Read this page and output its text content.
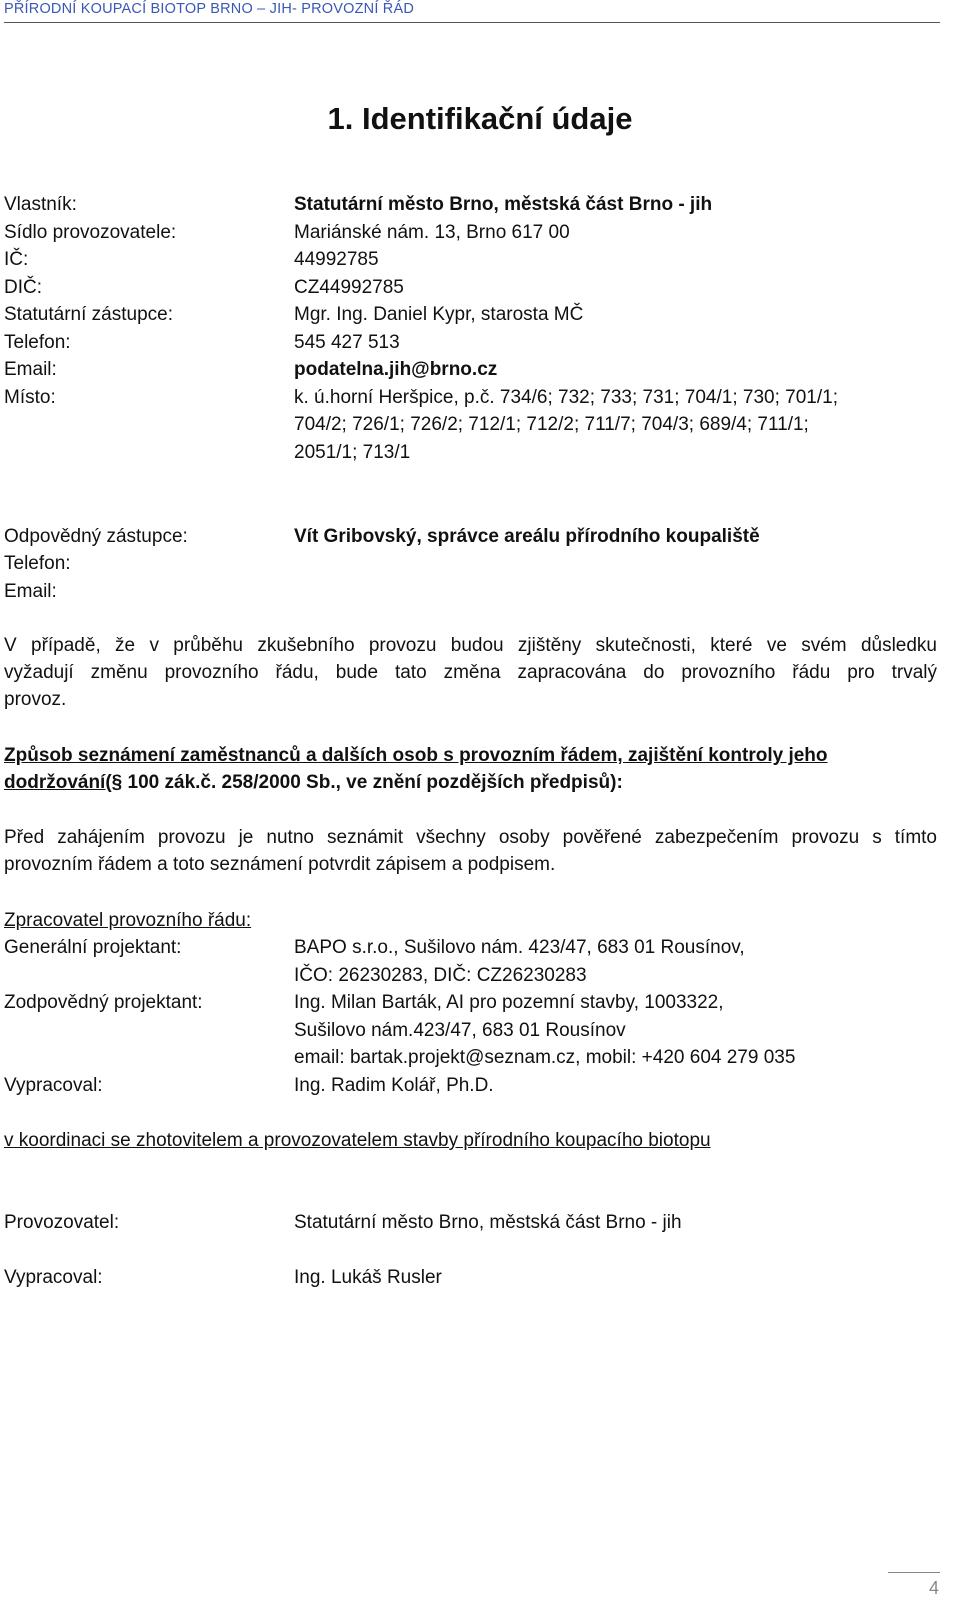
PŘÍRODNÍ KOUPACÍ BIOTOP BRNO – JIH- PROVOZNÍ ŘÁD
1. Identifikační údaje
Vlastník:	Statutární město Brno, městská část Brno - jih
Sídlo provozovatele:	Mariánské nám. 13, Brno 617 00
IČ:	44992785
DIČ:	CZ44992785
Statutární zástupce:	Mgr. Ing. Daniel Kypr, starosta MČ
Telefon:	545 427 513
Email:	podatelna.jih@brno.cz
Místo:	k. ú.horní Heršpice, p.č. 734/6; 732; 733; 731; 704/1; 730; 701/1;
704/2; 726/1; 726/2; 712/1; 712/2; 711/7; 704/3; 689/4; 711/1;
2051/1; 713/1
Odpovědný zástupce:	Vít Gribovský, správce areálu přírodního koupaliště
Telefon:
Email:
V případě, že v průběhu zkušebního provozu budou zjištěny skutečnosti, které ve svém důsledku
vyžadují změnu provozního řádu, bude tato změna zapracována do provozního řádu pro trvalý
provoz.
Způsob seznámení zaměstnanců a dalších osob s provozním řádem, zajištění kontroly jeho
dodržování(§ 100 zák.č. 258/2000 Sb., ve znění pozdějších předpisů):
Před zahájením provozu je nutno seznámit všechny osoby pověřené zabezpečením provozu s tímto
provozním řádem a toto seznámení potvrdit zápisem a podpisem.
Zpracovatel provozního řádu:
Generální projektant:	BAPO s.r.o., Sušilovo nám. 423/47, 683 01 Rousínov,
IČO: 26230283, DIČ: CZ26230283
Zodpovědný projektant:	Ing. Milan Barták, AI pro pozemní stavby, 1003322,
Sušilovo nám.423/47, 683 01 Rousínov
email: bartak.projekt@seznam.cz, mobil: +420 604 279 035
Vypracoval:	Ing. Radim Kolář, Ph.D.
v koordinaci se zhotovitelem a provozovatelem stavby přírodního koupacího biotopu
Provozovatel:	Statutární město Brno, městská část Brno - jih
Vypracoval:	Ing. Lukáš Rusler
4
